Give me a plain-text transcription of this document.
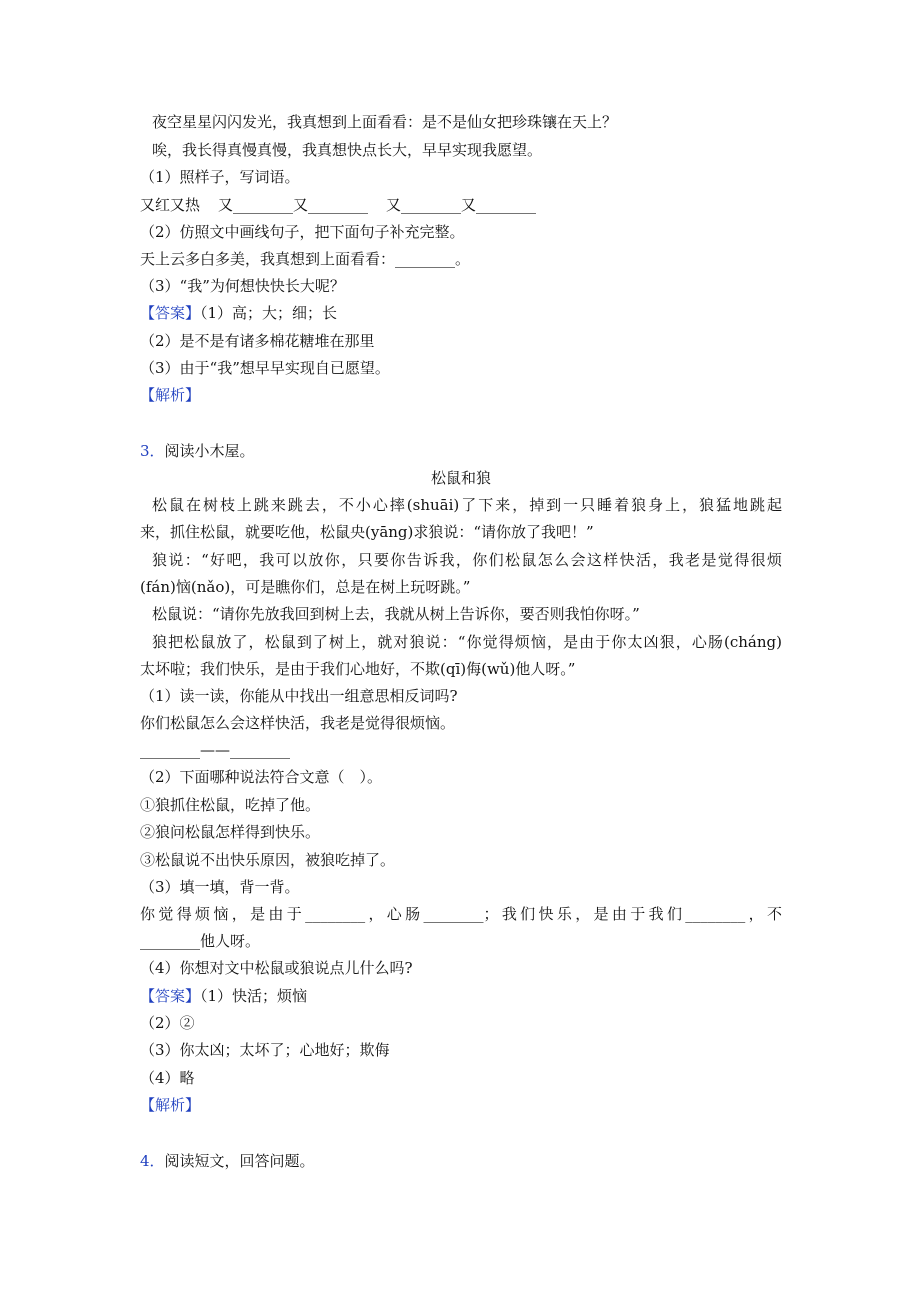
夜空星星闪闪发光，我真想到上面看看：是不是仙女把珍珠镶在天上？
唉，我长得真慢真慢，我真想快点长大，早早实现我愿望。
（1）照样子，写词语。
又红又热 又________又________ 又________又________
（2）仿照文中画线句子，把下面句子补充完整。
天上云多白多美，我真想到上面看看：________。
（3）“我”为何想快快长大呢？
【答案】（1）高；大；细；长
（2）是不是有诸多棉花糖堆在那里
（3）由于“我”想早早实现自已愿望。
【解析】
3．阅读小木屋。
松鼠和狼
松鼠在树枝上跳来跳去，不小心摔(shuāi)了下来，掉到一只睡着狼身上，狼猛地跳起
来，抓住松鼠，就要吃他，松鼠央(yāng)求狼说：“请你放了我吧！”
狼说：“好吧，我可以放你，只要你告诉我，你们松鼠怎么会这样快活，我老是觉得很烦
(fán)恼(nǎo)，可是瞧你们，总是在树上玩呀跳。”
松鼠说：“请你先放我回到树上去，我就从树上告诉你，要否则我怕你呀。”
狼把松鼠放了，松鼠到了树上，就对狼说：“你觉得烦恼，是由于你太凶狠，心肠(cháng)
太坏啦；我们快乐，是由于我们心地好，不欺(qī)侮(wǔ)他人呀。”
（1）读一读，你能从中找出一组意思相反词吗?
你们松鼠怎么会这样快活，我老是觉得很烦恼。
________——________
（2）下面哪种说法符合文意（　）。
①狼抓住松鼠，吃掉了他。
②狼问松鼠怎样得到快乐。
③松鼠说不出快乐原因，被狼吃掉了。
（3）填一填，背一背。
你觉得烦恼，是由于________，心肠________；我们快乐，是由于我们________，不
________他人呀。
（4）你想对文中松鼠或狼说点儿什么吗?
【答案】（1）快活；烦恼
（2）②
（3）你太凶；太坏了；心地好；欺侮
（4）略
【解析】
4．阅读短文，回答问题。
